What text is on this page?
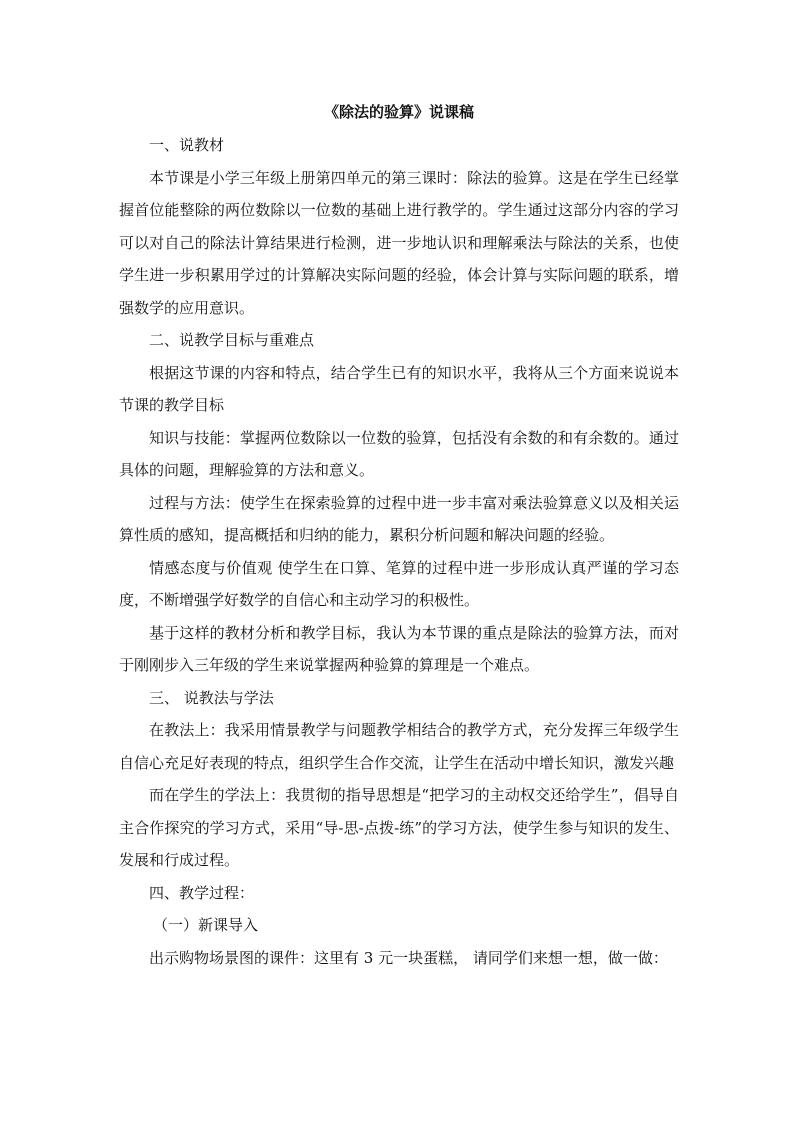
《除法的验算》说课稿
一、说教材
本节课是小学三年级上册第四单元的第三课时：除法的验算。这是在学生已经掌握首位能整除的两位数除以一位数的基础上进行教学的。学生通过这部分内容的学习可以对自己的除法计算结果进行检测，进一步地认识和理解乘法与除法的关系，也使学生进一步积累用学过的计算解决实际问题的经验，体会计算与实际问题的联系，增强数学的应用意识。
二、说教学目标与重难点
根据这节课的内容和特点，结合学生已有的知识水平，我将从三个方面来说说本节课的教学目标
知识与技能：掌握两位数除以一位数的验算，包括没有余数的和有余数的。通过具体的问题，理解验算的方法和意义。
过程与方法：使学生在探索验算的过程中进一步丰富对乘法验算意义以及相关运算性质的感知，提高概括和归纳的能力，累积分析问题和解决问题的经验。
情感态度与价值观 使学生在口算、笔算的过程中进一步形成认真严谨的学习态度，不断增强学好数学的自信心和主动学习的积极性。
基于这样的教材分析和教学目标，我认为本节课的重点是除法的验算方法，而对于刚刚步入三年级的学生来说掌握两种验算的算理是一个难点。
三、 说教法与学法
在教法上：我采用情景教学与问题教学相结合的教学方式，充分发挥三年级学生自信心充足好表现的特点，组织学生合作交流，让学生在活动中增长知识，激发兴趣
而在学生的学法上：我贯彻的指导思想是“把学习的主动权交还给学生”，倡导自主合作探究的学习方式，采用“导-思-点拨-练”的学习方法，使学生参与知识的发生、发展和行成过程。
四、教学过程：
（一）新课导入
出示购物场景图的课件：这里有 3 元一块蛋糕， 请同学们来想一想，做一做：
